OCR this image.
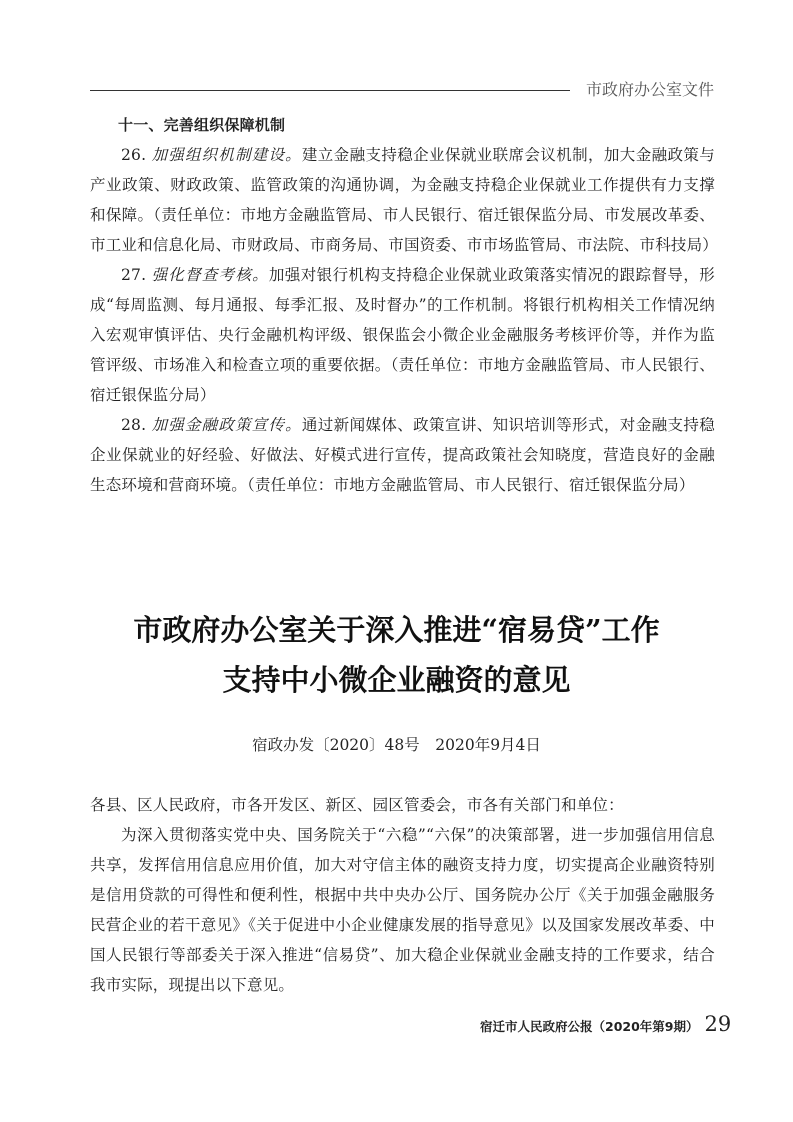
市政府办公室文件
十一、完善组织保障机制

26. 加强组织机制建设。建立金融支持稳企业保就业联席会议机制，加大金融政策与产业政策、财政政策、监管政策的沟通协调，为金融支持稳企业保就业工作提供有力支撑和保障。（责任单位：市地方金融监管局、市人民银行、宿迁银保监分局、市发展改革委、市工业和信息化局、市财政局、市商务局、市国资委、市市场监管局、市法院、市科技局）

27. 强化督查考核。加强对银行机构支持稳企业保就业政策落实情况的跟踪督导，形成“每周监测、每月通报、每季汇报、及时督办”的工作机制。将银行机构相关工作情况纳入宏观审慎评估、央行金融机构评级、银保监会小微企业金融服务考核评价等，并作为监管评级、市场准入和检查立项的重要依据。（责任单位：市地方金融监管局、市人民银行、宿迁银保监分局）

28. 加强金融政策宣传。通过新闻媒体、政策宣讲、知识培训等形式，对金融支持稳企业保就业的好经验、好做法、好模式进行宣传，提高政策社会知晓度，营造良好的金融生态环境和营商环境。（责任单位：市地方金融监管局、市人民银行、宿迁银保监分局）

市政府办公室关于深入推进“宿易贷”工作
支持中小微企业融资的意见
宿政办发〔2020〕48号　2020年9月4日

各县、区人民政府，市各开发区、新区、园区管委会，市各有关部门和单位：

为深入贯彻落实党中央、国务院关于“六稳”“六保”的决策部署，进一步加强信用信息共享，发挥信用信息应用价值，加大对守信主体的融资支持力度，切实提高企业融资特别是信用贷款的可得性和便利性，根据中共中央办公厅、国务院办公厅《关于加强金融服务民营企业的若干意见》《关于促进中小企业健康发展的指导意见》以及国家发展改革委、中国人民银行等部委关于深入推进“信易贷”、加大稳企业保就业金融支持的工作要求，结合我市实际，现提出以下意见。

宿迁市人民政府公报（2020年第9期） 29
